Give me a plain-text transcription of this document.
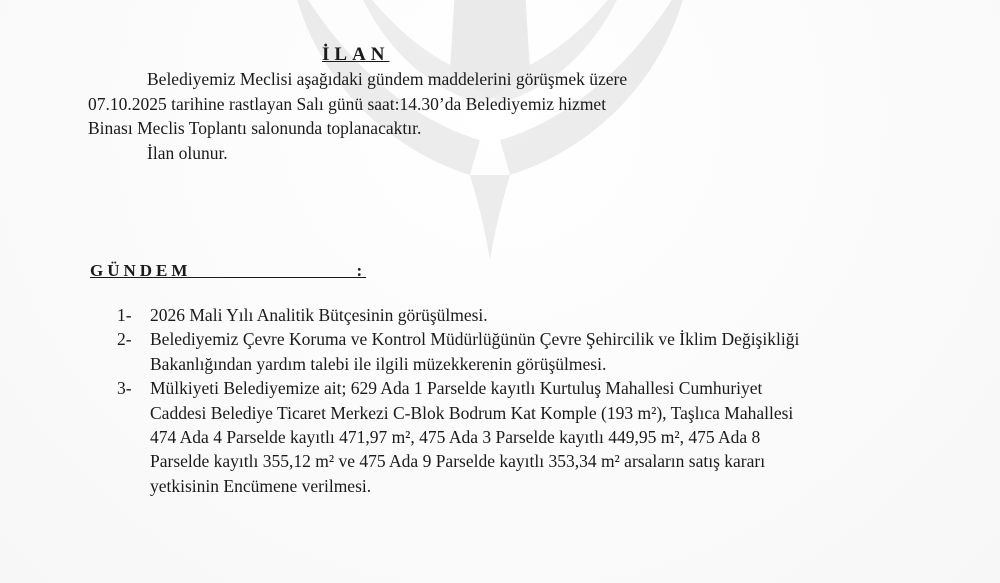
İLAN
Belediyemiz Meclisi aşağıdaki gündem maddelerini görüşmek üzere
07.10.2025 tarihine rastlayan Salı günü saat:14.30’da Belediyemiz hizmet
Binası Meclis Toplantı salonunda toplanacaktır.
İlan olunur.
GÜNDEM	:
1- 2026 Mali Yılı Analitik Bütçesinin görüşülmesi.
2- Belediyemiz Çevre Koruma ve Kontrol Müdürlüğünün Çevre Şehircilik ve İklim Değişikliği
Bakanlığından yardım talebi ile ilgili müzekkerenin görüşülmesi.
3- Mülkiyeti Belediyemize ait; 629 Ada 1 Parselde kayıtlı Kurtuluş Mahallesi Cumhuriyet
Caddesi Belediye Ticaret Merkezi C-Blok Bodrum Kat Komple (193 m²), Taşlıca Mahallesi
474 Ada 4 Parselde kayıtlı 471,97 m², 475 Ada 3 Parselde kayıtlı 449,95 m², 475 Ada 8
Parselde kayıtlı 355,12 m² ve 475 Ada 9 Parselde kayıtlı 353,34 m² arsaların satış kararı
yetkisinin Encümene verilmesi.
